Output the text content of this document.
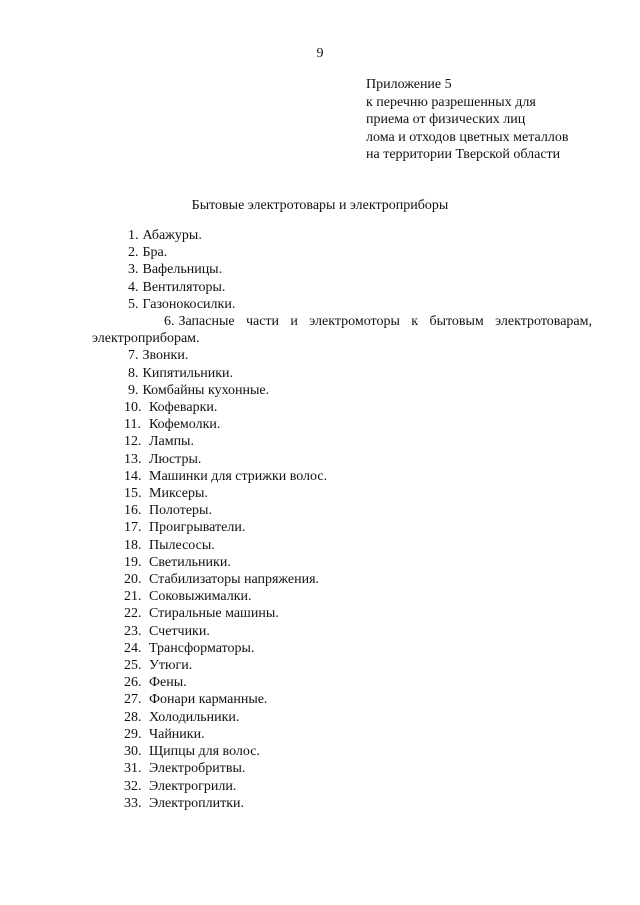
9
Приложение 5
к перечню разрешенных для
приема от физических лиц
лома и отходов цветных металлов
на территории Тверской области
Бытовые электротовары и электроприборы
1. Абажуры.
2. Бра.
3. Вафельницы.
4. Вентиляторы.
5. Газонокосилки.
6. Запасные части и электромоторы к бытовым электротоварам, электроприборам.
7. Звонки.
8. Кипятильники.
9. Комбайны кухонные.
10. Кофеварки.
11. Кофемолки.
12. Лампы.
13. Люстры.
14. Машинки для стрижки волос.
15. Миксеры.
16. Полотеры.
17. Проигрыватели.
18. Пылесосы.
19. Светильники.
20. Стабилизаторы напряжения.
21. Соковыжималки.
22. Стиральные машины.
23. Счетчики.
24. Трансформаторы.
25. Утюги.
26. Фены.
27. Фонари карманные.
28. Холодильники.
29. Чайники.
30. Щипцы для волос.
31. Электробритвы.
32. Электрогрили.
33. Электроплитки.
